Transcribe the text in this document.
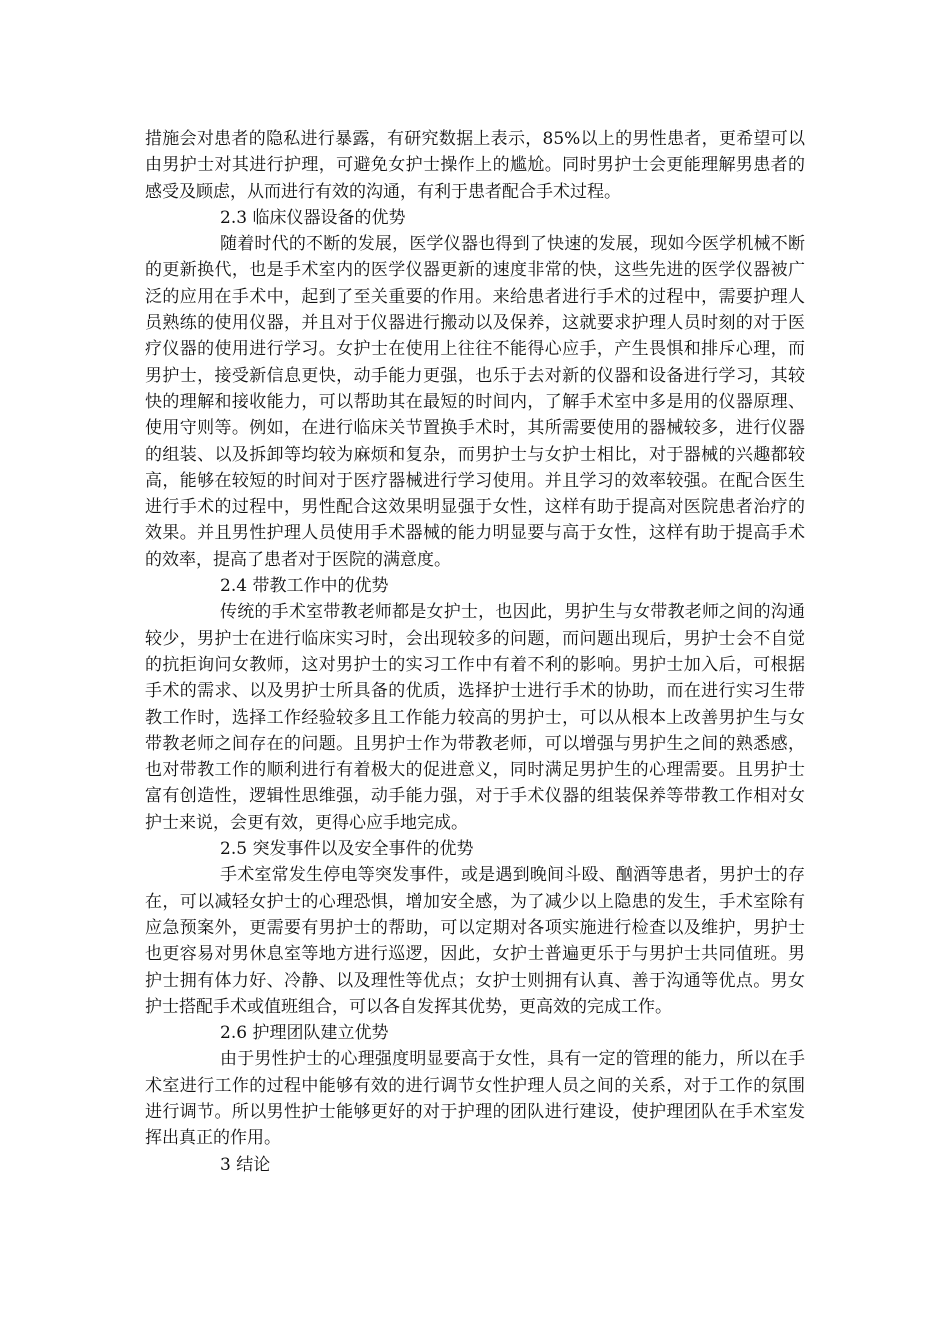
措施会对患者的隐私进行暴露，有研究数据上表示，85%以上的男性患者，更希望可以由男护士对其进行护理，可避免女护士操作上的尴尬。同时男护士会更能理解男患者的感受及顾虑，从而进行有效的沟通，有利于患者配合手术过程。

2.3 临床仪器设备的优势

随着时代的不断的发展，医学仪器也得到了快速的发展，现如今医学机械不断的更新换代，也是手术室内的医学仪器更新的速度非常的快，这些先进的医学仪器被广泛的应用在手术中，起到了至关重要的作用。来给患者进行手术的过程中，需要护理人员熟练的使用仪器，并且对于仪器进行搬动以及保养，这就要求护理人员时刻的对于医疗仪器的使用进行学习。女护士在使用上往往不能得心应手，产生畏惧和排斥心理，而男护士，接受新信息更快，动手能力更强，也乐于去对新的仪器和设备进行学习，其较快的理解和接收能力，可以帮助其在最短的时间内，了解手术室中多是用的仪器原理、使用守则等。例如，在进行临床关节置换手术时，其所需要使用的器械较多，进行仪器的组装、以及拆卸等均较为麻烦和复杂，而男护士与女护士相比，对于器械的兴趣都较高，能够在较短的时间对于医疗器械进行学习使用。并且学习的效率较强。在配合医生进行手术的过程中，男性配合这效果明显强于女性，这样有助于提高对医院患者治疗的效果。并且男性护理人员使用手术器械的能力明显要与高于女性，这样有助于提高手术的效率，提高了患者对于医院的满意度。

2.4 带教工作中的优势

传统的手术室带教老师都是女护士，也因此，男护生与女带教老师之间的沟通较少，男护士在进行临床实习时，会出现较多的问题，而问题出现后，男护士会不自觉的抗拒询问女教师，这对男护士的实习工作中有着不利的影响。男护士加入后，可根据手术的需求、以及男护士所具备的优质，选择护士进行手术的协助，而在进行实习生带教工作时，选择工作经验较多且工作能力较高的男护士，可以从根本上改善男护生与女带教老师之间存在的问题。且男护士作为带教老师，可以增强与男护生之间的熟悉感，也对带教工作的顺利进行有着极大的促进意义，同时满足男护生的心理需要。且男护士富有创造性，逻辑性思维强，动手能力强，对于手术仪器的组装保养等带教工作相对女护士来说，会更有效，更得心应手地完成。

2.5 突发事件以及安全事件的优势

手术室常发生停电等突发事件，或是遇到晚间斗殴、酗酒等患者，男护士的存在，可以减轻女护士的心理恐惧，增加安全感，为了减少以上隐患的发生，手术室除有应急预案外，更需要有男护士的帮助，可以定期对各项实施进行检查以及维护，男护士也更容易对男休息室等地方进行巡逻，因此，女护士普遍更乐于与男护士共同值班。男护士拥有体力好、冷静、以及理性等优点；女护士则拥有认真、善于沟通等优点。男女护士搭配手术或值班组合，可以各自发挥其优势，更高效的完成工作。

2.6 护理团队建立优势

由于男性护士的心理强度明显要高于女性，具有一定的管理的能力，所以在手术室进行工作的过程中能够有效的进行调节女性护理人员之间的关系，对于工作的氛围进行调节。所以男性护士能够更好的对于护理的团队进行建设，使护理团队在手术室发挥出真正的作用。

3 结论
